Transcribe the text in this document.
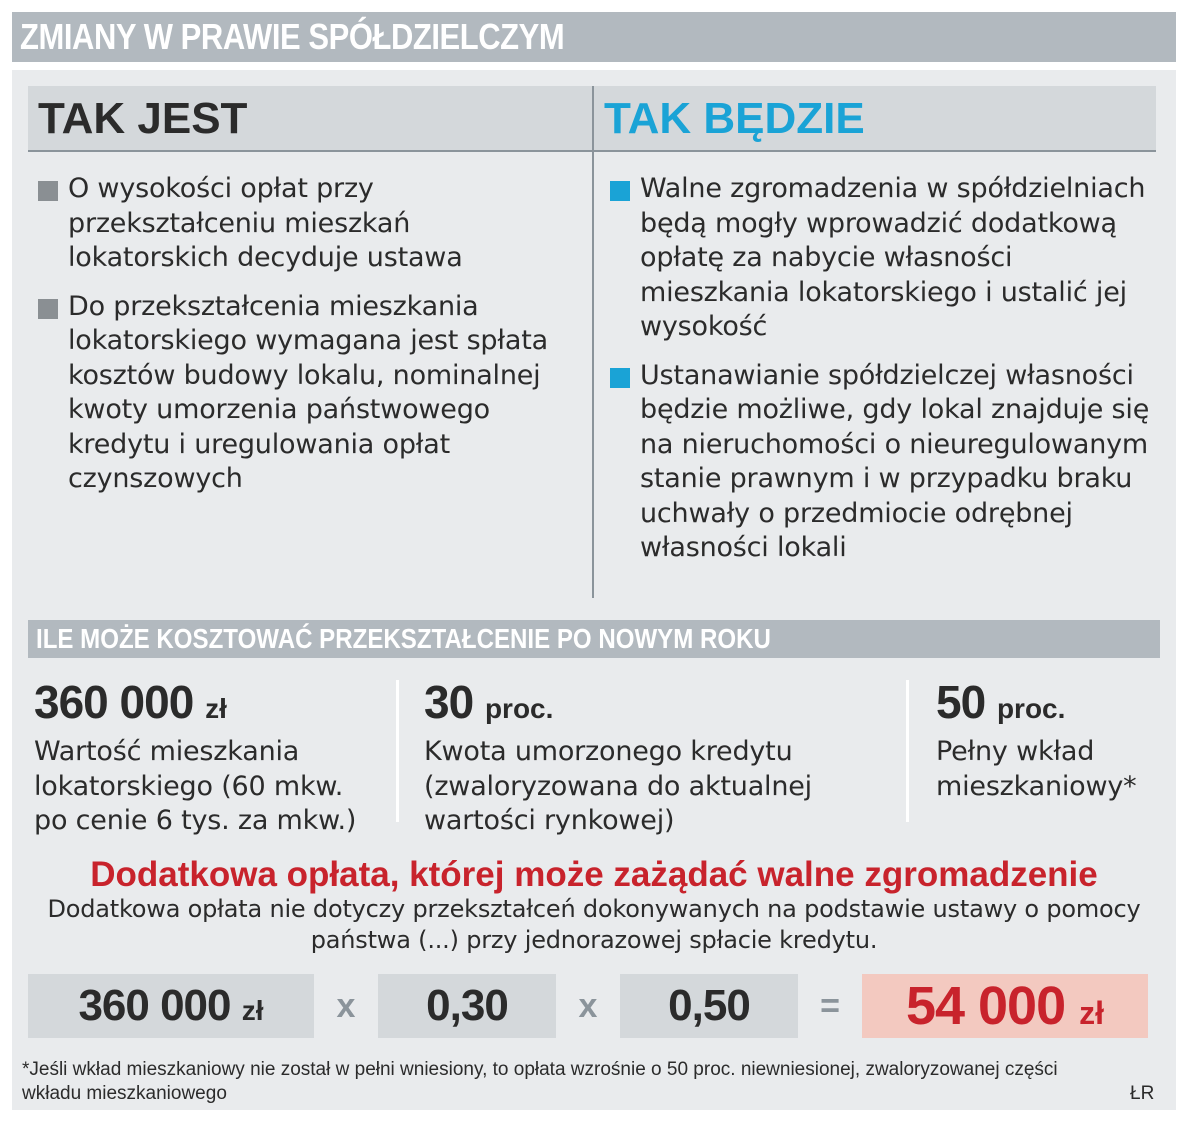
ZMIANY W PRAWIE SPÓŁDZIELCZYM
TAK JEST	TAK BĘDZIE
O wysokości opłat przy przekształceniu mieszkań lokatorskich decyduje ustawa
Do przekształcenia mieszkania lokatorskiego wymagana jest spłata kosztów budowy lokalu, nominalnej kwoty umorzenia państwowego kredytu i uregulowania opłat czynszowych
Walne zgromadzenia w spółdzielniach będą mogły wprowadzić dodatkową opłatę za nabycie własności mieszkania lokatorskiego i ustalić jej wysokość
Ustanawianie spółdzielczej własności będzie możliwe, gdy lokal znajduje się na nieruchomości o nieuregulowanym stanie prawnym i w przypadku braku uchwały o przedmiocie odrębnej własności lokali
ILE MOŻE KOSZTOWAĆ PRZEKSZTAŁCENIE PO NOWYM ROKU
360 000 zł
Wartość mieszkania lokatorskiego (60 mkw. po cenie 6 tys. za mkw.)
30 proc.
Kwota umorzonego kredytu (zwaloryzowana do aktualnej wartości rynkowej)
50 proc.
Pełny wkład mieszkaniowy*
Dodatkowa opłata, której może zażądać walne zgromadzenie
Dodatkowa opłata nie dotyczy przekształceń dokonywanych na podstawie ustawy o pomocy państwa (...) przy jednorazowej spłacie kredytu.
360 000 zł	x	0,30	x	0,50	=	54 000 zł
*Jeśli wkład mieszkaniowy nie został w pełni wniesiony, to opłata wzrośnie o 50 proc. niewniesionej, zwaloryzowanej części wkładu mieszkaniowego	ŁR
